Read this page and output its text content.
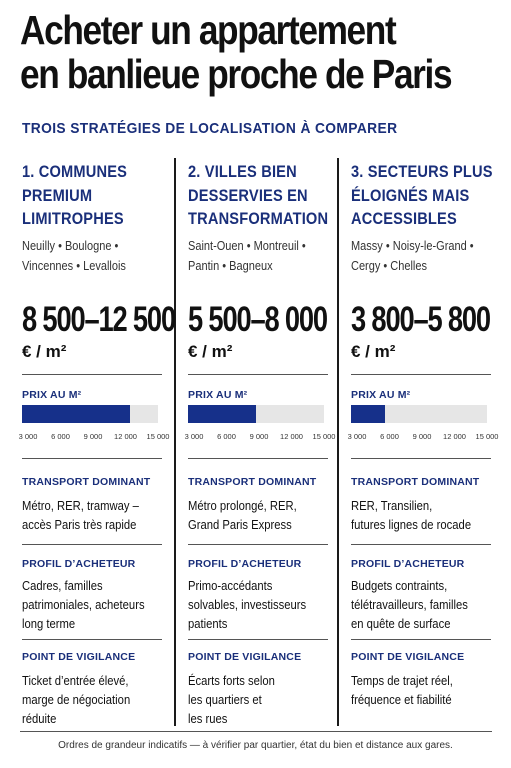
Acheter un appartement
en banlieue proche de Paris
TROIS STRATÉGIES DE LOCALISATION À COMPARER
1. COMMUNES
PREMIUM
LIMITROPHES
Neuilly • Boulogne •
Vincennes • Levallois
8 500–12 500
€ / m²
PRIX AU M²
3 000 6 000 9 000 12 000 15 000
TRANSPORT DOMINANT
Métro, RER, tramway –
accès Paris très rapide
PROFIL D’ACHETEUR
Cadres, familles
patrimoniales, acheteurs
long terme
POINT DE VIGILANCE
Ticket d’entrée élevé,
marge de négociation
réduite
2. VILLES BIEN
DESSERVIES EN
TRANSFORMATION
Saint-Ouen • Montreuil •
Pantin • Bagneux
5 500–8 000
€ / m²
PRIX AU M²
3 000 6 000 9 000 12 000 15 000
TRANSPORT DOMINANT
Métro prolongé, RER,
Grand Paris Express
PROFIL D’ACHETEUR
Primo-accédants
solvables, investisseurs
patients
POINT DE VIGILANCE
Écarts forts selon
les quartiers et
les rues
3. SECTEURS PLUS
ÉLOIGNÉS MAIS
ACCESSIBLES
Massy • Noisy-le-Grand •
Cergy • Chelles
3 800–5 800
€ / m²
PRIX AU M²
3 000 6 000 9 000 12 000 15 000
TRANSPORT DOMINANT
RER, Transilien,
futures lignes de rocade
PROFIL D’ACHETEUR
Budgets contraints,
télétravailleurs, familles
en quête de surface
POINT DE VIGILANCE
Temps de trajet réel,
fréquence et fiabilité
Ordres de grandeur indicatifs — à vérifier par quartier, état du bien et distance aux gares.
